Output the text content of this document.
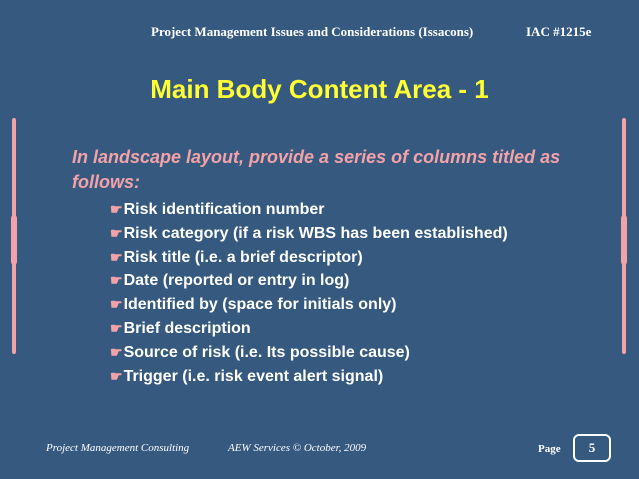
Project Management Issues and Considerations (Issacons)	IAC #1215e
Main Body Content Area - 1
In landscape layout, provide a series of columns titled as follows:
☛Risk identification number
☛Risk category (if a risk WBS has been established)
☛Risk title (i.e. a brief descriptor)
☛Date (reported or entry in log)
☛Identified by (space for initials only)
☛Brief description
☛Source of risk (i.e. Its possible cause)
☛Trigger (i.e. risk event alert signal)
Project Management Consulting	AEW Services © October, 2009	Page	5
